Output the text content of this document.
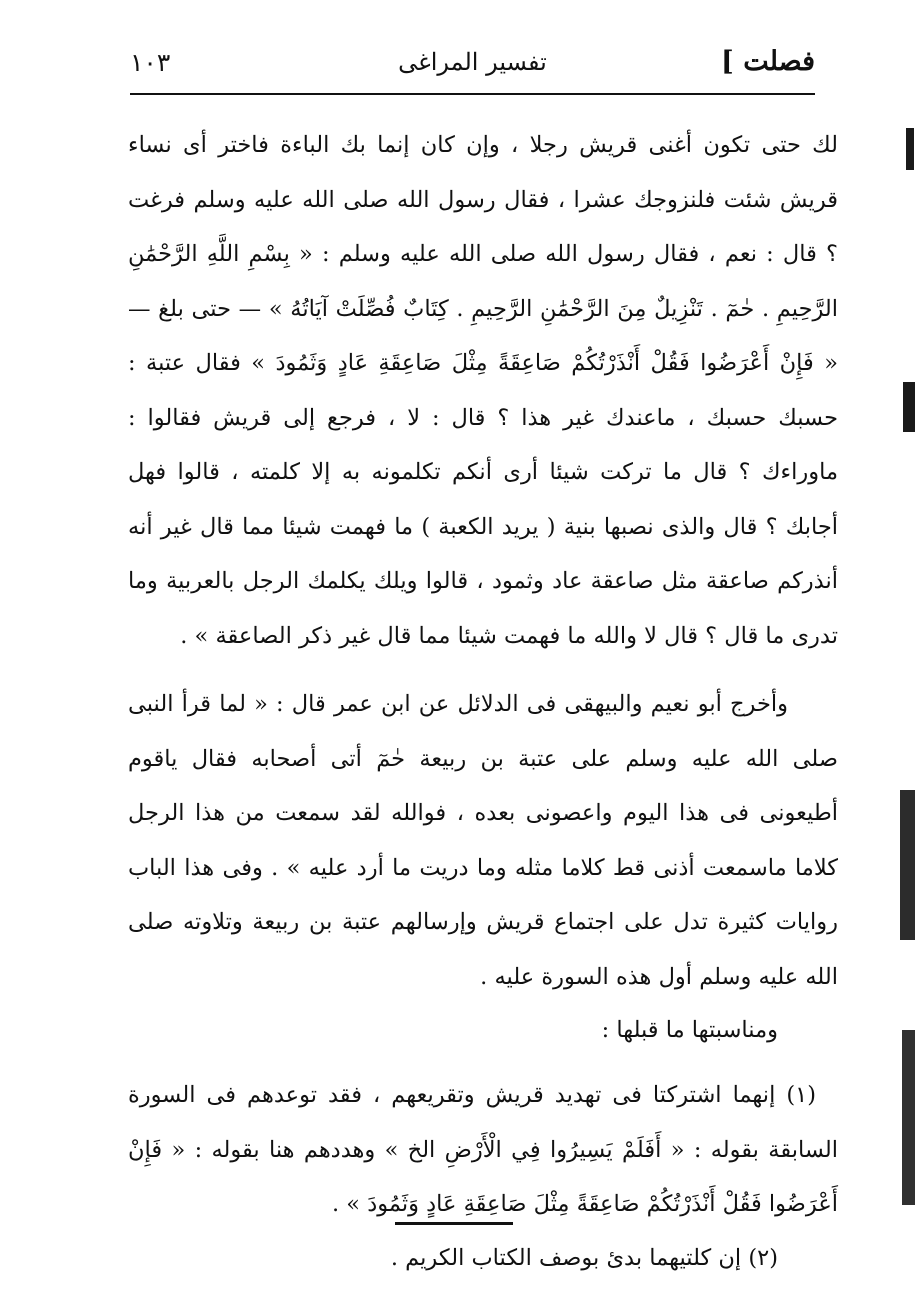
فصلت ]
تفسير المراغى
١٠٣

لك حتى تكون أغنى قريش رجلا ، وإن كان إنما بك الباءة فاختر أى نساء قريش شئت فلنزوجك عشرا ، فقال رسول الله صلى الله عليه وسلم فرغت ؟ قال : نعم ، فقال رسول الله صلى الله عليه وسلم : « بِسْمِ اللَّهِ الرَّحْمَٰنِ الرَّحِيمِ . حٰمٓ . تَنْزِيلٌ مِنَ الرَّحْمَٰنِ الرَّحِيمِ . كِتَابٌ فُصِّلَتْ آيَاتُهُ » — حتى بلغ — « فَإِنْ أَعْرَضُوا فَقُلْ أَنْذَرْتُكُمْ صَاعِقَةً مِثْلَ صَاعِقَةِ عَادٍ وَثَمُودَ » فقال عتبة : حسبك حسبك ، ماعندك غير هذا ؟ قال : لا ، فرجع إلى قريش فقالوا : ماوراءك ؟ قال ما تركت شيئا أرى أنكم تكلمونه به إلا كلمته ، قالوا فهل أجابك ؟ قال والذى نصبها بنية ( يريد الكعبة ) ما فهمت شيئا مما قال غير أنه أنذركم صاعقة مثل صاعقة عاد وثمود ، قالوا ويلك يكلمك الرجل بالعربية وما تدرى ما قال ؟ قال لا والله ما فهمت شيئا مما قال غير ذكر الصاعقة » .

وأخرج أبو نعيم والبيهقى فى الدلائل عن ابن عمر قال : « لما قرأ النبى صلى الله عليه وسلم على عتبة بن ربيعة حٰمٓ أتى أصحابه فقال ياقوم أطيعونى فى هذا اليوم واعصونى بعده ، فوالله لقد سمعت من هذا الرجل كلاما ماسمعت أذنى قط كلاما مثله وما دريت ما أرد عليه » . وفى هذا الباب روايات كثيرة تدل على اجتماع قريش وإرسالهم عتبة بن ربيعة وتلاوته صلى الله عليه وسلم أول هذه السورة عليه .

ومناسبتها ما قبلها :

(١) إنهما اشتركتا فى تهديد قريش وتقريعهم ، فقد توعدهم فى السورة السابقة بقوله : « أَفَلَمْ يَسِيرُوا فِي الْأَرْضِ الخ » وهددهم هنا بقوله : « فَإِنْ أَعْرَضُوا فَقُلْ أَنْذَرْتُكُمْ صَاعِقَةً مِثْلَ صَاعِقَةِ عَادٍ وَثَمُودَ » .

(٢) إن كلتيهما بدئ بوصف الكتاب الكريم .
